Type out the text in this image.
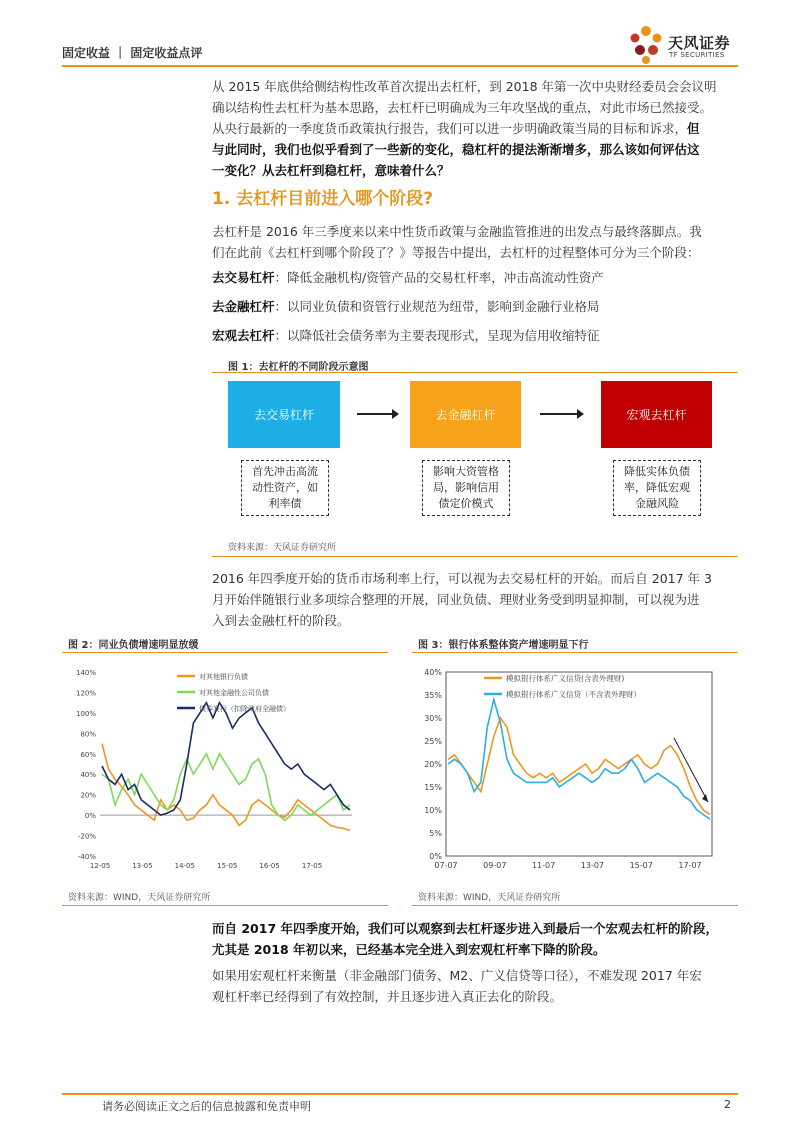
固定收益 ｜ 固定收益点评
天风证券
TF SECURITIES
从 2015 年底供给侧结构性改革首次提出去杠杆，到 2018 年第一次中央财经委员会会议明
确以结构性去杠杆为基本思路，去杠杆已明确成为三年攻坚战的重点，对此市场已然接受。
从央行最新的一季度货币政策执行报告，我们可以进一步明确政策当局的目标和诉求，但
与此同时，我们也似乎看到了一些新的变化，稳杠杆的提法渐渐增多，那么该如何评估这
一变化？从去杠杆到稳杠杆，意味着什么？
1. 去杠杆目前进入哪个阶段?
去杠杆是 2016 年三季度来以来中性货币政策与金融监管推进的出发点与最终落脚点。我
们在此前《去杠杆到哪个阶段了？》等报告中提出，去杠杆的过程整体可分为三个阶段：
去交易杠杆：降低金融机构/资管产品的交易杠杆率，冲击高流动性资产
去金融杠杆：以同业负债和资管行业规范为纽带，影响到金融行业格局
宏观去杠杆：以降低社会债务率为主要表现形式，呈现为信用收缩特征
图 1：去杠杆的不同阶段示意图
去交易杠杆	去金融杠杆	宏观去杠杆
首先冲击高流
动性资产，如
利率债
影响大资管格
局，影响信用
债定价模式
降低实体负债
率，降低宏观
金融风险
资料来源：天风证券研究所
2016 年四季度开始的货币市场利率上行，可以视为去交易杠杆的开始。而后自 2017 年 3
月开始伴随银行业多项综合整理的开展，同业负债、理财业务受到明显抑制，可以视为进
入到去金融杠杆的阶段。
图 2：同业负债增速明显放缓
140%
120%
100%
80%
60%
40%
20%
0%
-20%
-40%
12-05	13-05	14-05	15-05	16-05	17-05
对其他银行负债
对其他金融性公司负债
债券发行（扣除政府全融债）
资料来源：WIND，天风证券研究所
图 3：银行体系整体资产增速明显下行
40%
35%
30%
25%
20%
15%
10%
5%
0%
07-07	09-07	11-07	13-07	15-07	17-07
模拟银行体系广义信贷(含表外理财)
模拟银行体系广义信贷（不含表外理财）
资料来源：WIND，天风证券研究所
而自 2017 年四季度开始，我们可以观察到去杠杆逐步进入到最后一个宏观去杠杆的阶段，
尤其是 2018 年初以来，已经基本完全进入到宏观杠杆率下降的阶段。
如果用宏观杠杆来衡量（非金融部门债务、M2、广义信贷等口径），不难发现 2017 年宏
观杠杆率已经得到了有效控制，并且逐步进入真正去化的阶段。
请务必阅读正文之后的信息披露和免责申明	2
